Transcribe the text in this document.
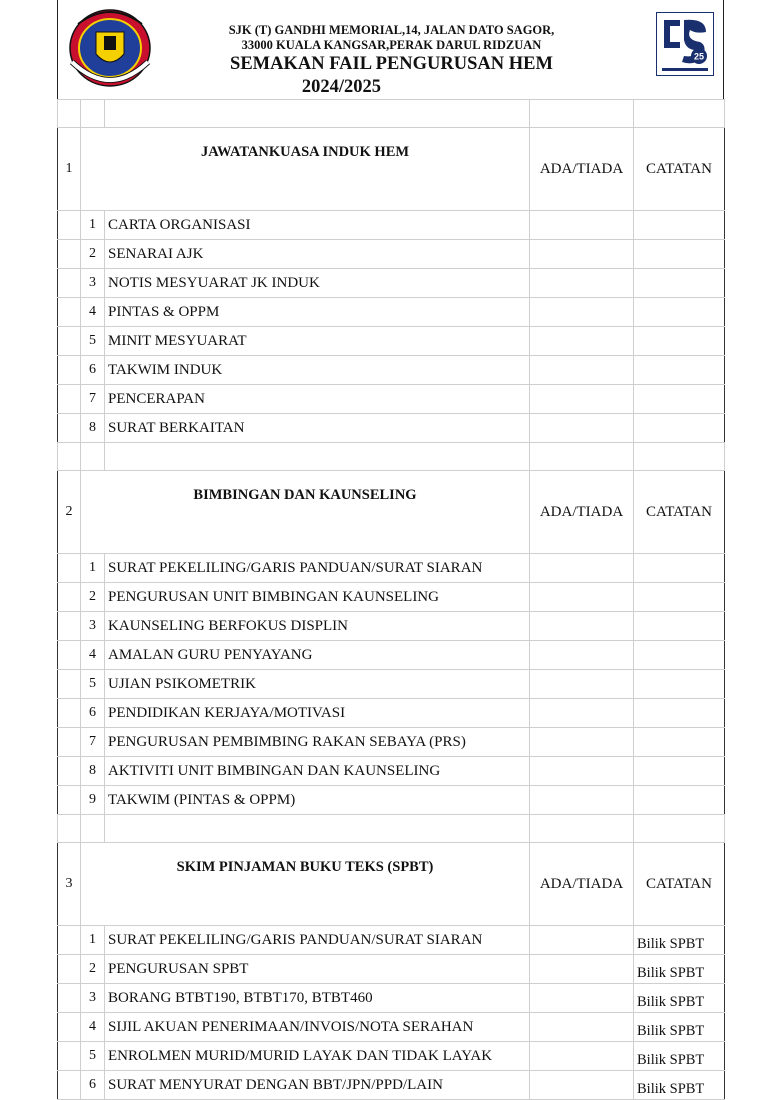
SJK (T) GANDHI MEMORIAL,14, JALAN DATO SAGOR,
33000 KUALA KANGSAR,PERAK DARUL RIDZUAN
SEMAKAN FAIL PENGURUSAN HEM
2024/2025
25

1	JAWATANKUASA INDUK HEM		ADA/TIADA	CATATAN
	1	CARTA ORGANISASI		
	2	SENARAI AJK		
	3	NOTIS MESYUARAT JK INDUK		
	4	PINTAS & OPPM		
	5	MINIT MESYUARAT		
	6	TAKWIM INDUK		
	7	PENCERAPAN		
	8	SURAT BERKAITAN		

2	BIMBINGAN DAN KAUNSELING		ADA/TIADA	CATATAN
	1	SURAT PEKELILING/GARIS PANDUAN/SURAT SIARAN		
	2	PENGURUSAN UNIT BIMBINGAN KAUNSELING		
	3	KAUNSELING BERFOKUS DISPLIN		
	4	AMALAN GURU PENYAYANG		
	5	UJIAN PSIKOMETRIK		
	6	PENDIDIKAN KERJAYA/MOTIVASI		
	7	PENGURUSAN PEMBIMBING RAKAN SEBAYA (PRS)		
	8	AKTIVITI UNIT BIMBINGAN DAN KAUNSELING		
	9	TAKWIM (PINTAS & OPPM)		

3	SKIM PINJAMAN BUKU TEKS (SPBT)		ADA/TIADA	CATATAN
	1	SURAT PEKELILING/GARIS PANDUAN/SURAT SIARAN		Bilik SPBT
	2	PENGURUSAN SPBT		Bilik SPBT
	3	BORANG BTBT190, BTBT170, BTBT460		Bilik SPBT
	4	SIJIL AKUAN PENERIMAAN/INVOIS/NOTA SERAHAN		Bilik SPBT
	5	ENROLMEN MURID/MURID LAYAK DAN TIDAK LAYAK		Bilik SPBT
	6	SURAT MENYURAT DENGAN BBT/JPN/PPD/LAIN		Bilik SPBT
